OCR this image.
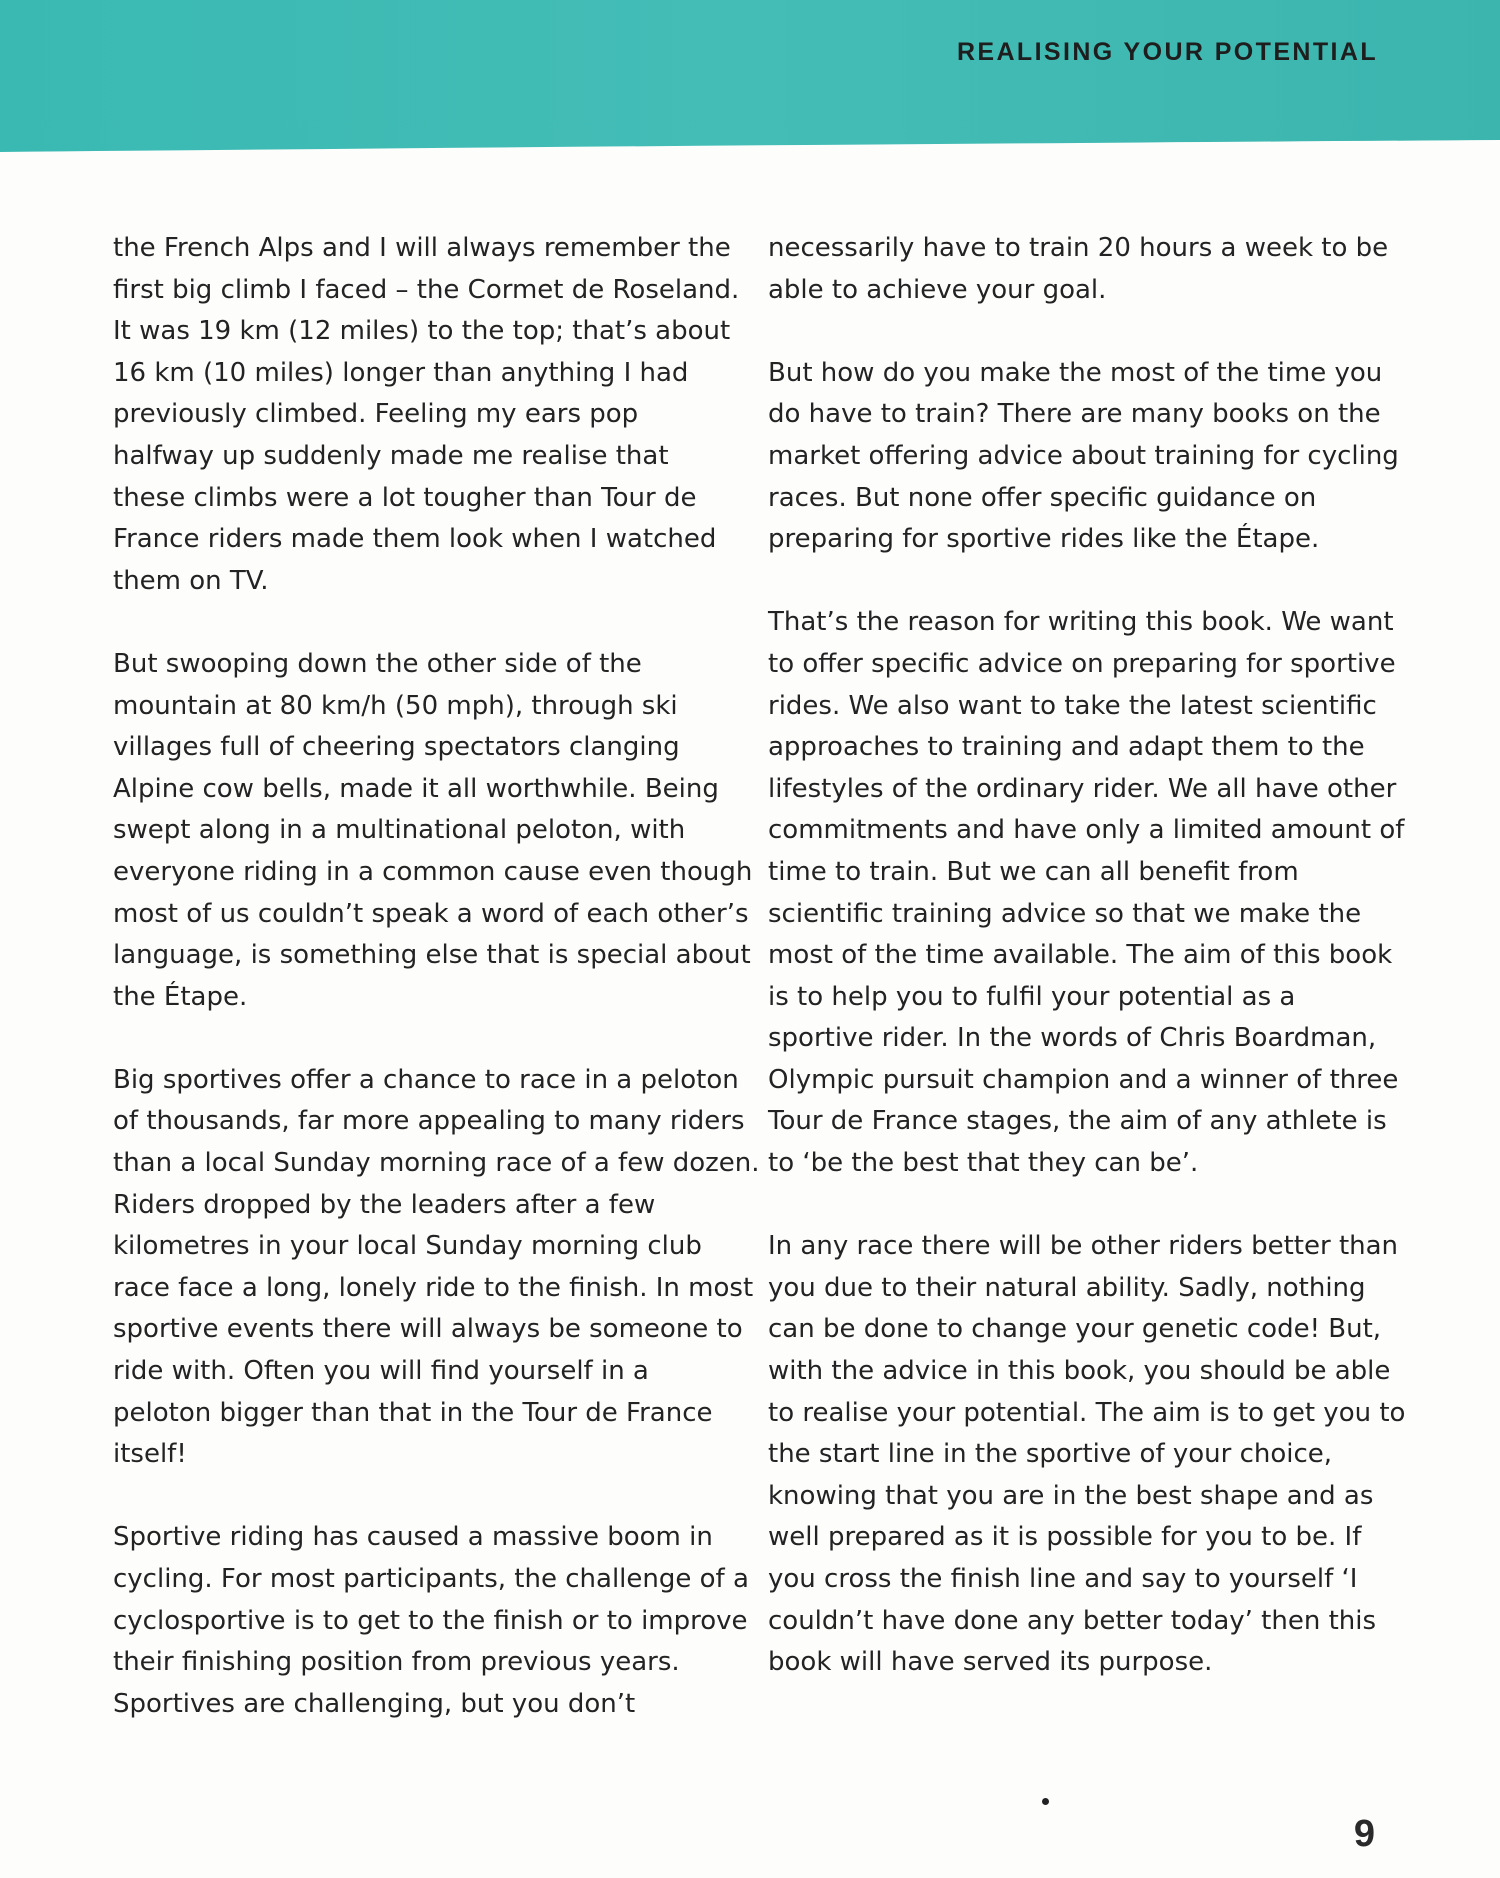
REALISING YOUR POTENTIAL

the French Alps and I will always remember the
first big climb I faced – the Cormet de Roseland.
It was 19 km (12 miles) to the top; that’s about
16 km (10 miles) longer than anything I had
previously climbed. Feeling my ears pop
halfway up suddenly made me realise that
these climbs were a lot tougher than Tour de
France riders made them look when I watched
them on TV.

But swooping down the other side of the
mountain at 80 km/h (50 mph), through ski
villages full of cheering spectators clanging
Alpine cow bells, made it all worthwhile. Being
swept along in a multinational peloton, with
everyone riding in a common cause even though
most of us couldn’t speak a word of each other’s
language, is something else that is special about
the Étape.

Big sportives offer a chance to race in a peloton
of thousands, far more appealing to many riders
than a local Sunday morning race of a few dozen.
Riders dropped by the leaders after a few
kilometres in your local Sunday morning club
race face a long, lonely ride to the finish. In most
sportive events there will always be someone to
ride with. Often you will find yourself in a
peloton bigger than that in the Tour de France
itself!

Sportive riding has caused a massive boom in
cycling. For most participants, the challenge of a
cyclosportive is to get to the finish or to improve
their finishing position from previous years.
Sportives are challenging, but you don’t

necessarily have to train 20 hours a week to be
able to achieve your goal.

But how do you make the most of the time you
do have to train? There are many books on the
market offering advice about training for cycling
races. But none offer specific guidance on
preparing for sportive rides like the Étape.

That’s the reason for writing this book. We want
to offer specific advice on preparing for sportive
rides. We also want to take the latest scientific
approaches to training and adapt them to the
lifestyles of the ordinary rider. We all have other
commitments and have only a limited amount of
time to train. But we can all benefit from
scientific training advice so that we make the
most of the time available. The aim of this book
is to help you to fulfil your potential as a
sportive rider. In the words of Chris Boardman,
Olympic pursuit champion and a winner of three
Tour de France stages, the aim of any athlete is
to ‘be the best that they can be’.

In any race there will be other riders better than
you due to their natural ability. Sadly, nothing
can be done to change your genetic code! But,
with the advice in this book, you should be able
to realise your potential. The aim is to get you to
the start line in the sportive of your choice,
knowing that you are in the best shape and as
well prepared as it is possible for you to be. If
you cross the finish line and say to yourself ‘I
couldn’t have done any better today’ then this
book will have served its purpose.

9
